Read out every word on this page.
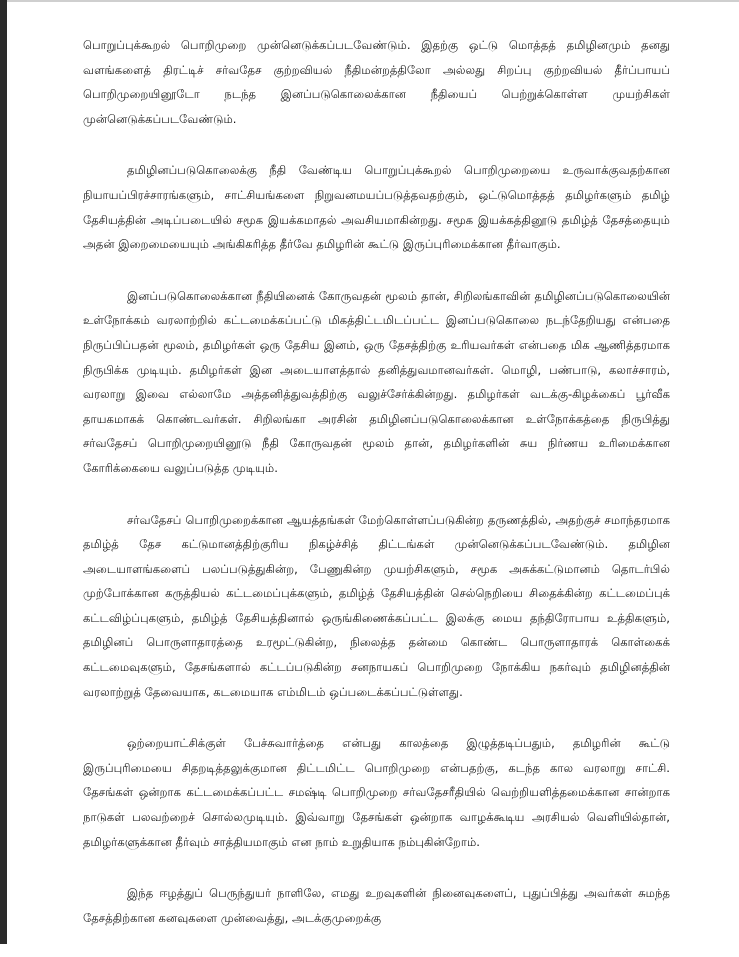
பொறுப்புக்கூறல் பொறிமுறை முன்னெடுக்கப்படவேண்டும். இதற்கு ஒட்டு மொத்தத் தமிழினமும் தனது வளங்களைத் திரட்டிச் சர்வதேச குற்றவியல் நீதிமன்றத்திலோ அல்லது சிறப்பு குற்றவியல் தீர்ப்பாயப் பொறிமுறையினூடோ நடந்த இனப்படுகொலைக்கான நீதியைப் பெற்றுக்கொள்ள முயற்சிகள் முன்னெடுக்கப்படவேண்டும்.

தமிழினப்படுகொலைக்கு நீதி வேண்டிய பொறுப்புக்கூறல் பொறிமுறையை உருவாக்குவதற்கான நியாயப்பிரச்சாரங்களும், சாட்சியங்களை நிறுவனமயப்படுத்தவதற்கும், ஒட்டுமொத்தத் தமிழர்களும் தமிழ் தேசியத்தின் அடிப்படையில் சமூக இயக்கமாதல் அவசியமாகின்றது. சமூக இயக்கத்தினூடு தமிழ்த் தேசத்தையும் அதன் இறைமையையும் அங்கிகரித்த தீர்வே தமிழரின் கூட்டு இருப்புரிமைக்கான தீர்வாகும்.

இனப்படுகொலைக்கான நீதியினைக் கோருவதன் மூலம் தான், சிறிலங்காவின் தமிழினப்படுகொலையின் உள்நோக்கம் வரலாற்றில் கட்டமைக்கப்பட்டு மிகத்திட்டமிடப்பட்ட இனப்படுகொலை நடந்தேறியது என்பதை நிருப்பிப்பதன் மூலம், தமிழர்கள் ஒரு தேசிய இனம், ஒரு தேசத்திற்கு உரியவர்கள் என்பதை மிக ஆணித்தரமாக நிருபிக்க முடியும். தமிழர்கள் இன அடையாளத்தால் தனித்துவமானவர்கள். மொழி, பண்பாடு, கலாச்சாரம், வரலாறு இவை எல்லாமே அத்தனித்துவத்திற்கு வலுச்சேர்க்கின்றது. தமிழர்கள் வடக்கு-கிழக்கைப் பூர்வீக தாயகமாகக் கொண்டவர்கள். சிறிலங்கா அரசின் தமிழினப்படுகொலைக்கான உள்நோக்கத்தை நிருபித்து சர்வதேசப் பொறிமுறையினூடு நீதி கோருவதன் மூலம் தான், தமிழர்களின் சுய நிர்ணய உரிமைக்கான கோரிக்கையை வலுப்படுத்த முடியும்.

சர்வதேசப் பொறிமுறைக்கான ஆயத்தங்கள் மேற்கொள்ளப்படுகின்ற தருணத்தில், அதற்குச் சமாந்தரமாக தமிழ்த் தேச கட்டுமானத்திற்குரிய நிகழ்ச்சித் திட்டங்கள் முன்னெடுக்கப்படவேண்டும். தமிழின அடையாளங்களைப் பலப்படுத்துகின்ற, பேணுகின்ற முயற்சிகளும், சமூக அசுக்கட்டுமானம் தொடர்பில் முற்போக்கான கருத்தியல் கட்டமைப்புக்களும், தமிழ்த் தேசியத்தின் செல்நெறியை சிதைக்கின்ற கட்டமைப்புக் கட்டவிழ்ப்புகளும், தமிழ்த் தேசியத்தினால் ஒருங்கிணைக்கப்பட்ட இலக்கு மைய தந்திரோபாய உத்திகளும், தமிழினப் பொருளாதாரத்தை உரமூட்டுகின்ற, நிலைத்த தன்மை கொண்ட பொருளாதாரக் கொள்கைக் கட்டமைவுகளும், தேசங்களால் கட்டப்படுகின்ற சனநாயகப் பொறிமுறை நோக்கிய நகர்வும் தமிழினத்தின் வரலாற்றுத் தேவையாக, கடமையாக எம்மிடம் ஒப்படைக்கப்பட்டுள்ளது.

ஒற்றையாட்சிக்குள் பேச்சுவார்த்தை என்பது காலத்தை இழுத்தடிப்பதும், தமிழரின் கூட்டு இருப்புரிமையை சிதறடித்தலுக்குமான திட்டமிட்ட பொறிமுறை என்பதற்கு, கடந்த கால வரலாறு சாட்சி. தேசங்கள் ஒன்றாக கட்டமைக்கப்பட்ட சமஷ்டி பொறிமுறை சர்வதேசரீதியில் வெற்றியளித்தமைக்கான சான்றாக நாடுகள் பலவற்றைச் சொல்லமுடியும். இவ்வாறு தேசங்கள் ஒன்றாக வாழக்கூடிய அரசியல் வெளியில்தான், தமிழர்களுக்கான தீர்வும் சாத்தியமாகும் என நாம் உறுதியாக நம்புகின்றோம்.

இந்த ஈழத்துப் பெருந்துயர் நாளிலே, எமது உறவுகளின் நினைவுகளைப், புதுப்பித்து அவர்கள் சுமந்த தேசத்திற்கான கனவுகளை முன்வைத்து, அடக்குமுறைக்கு
